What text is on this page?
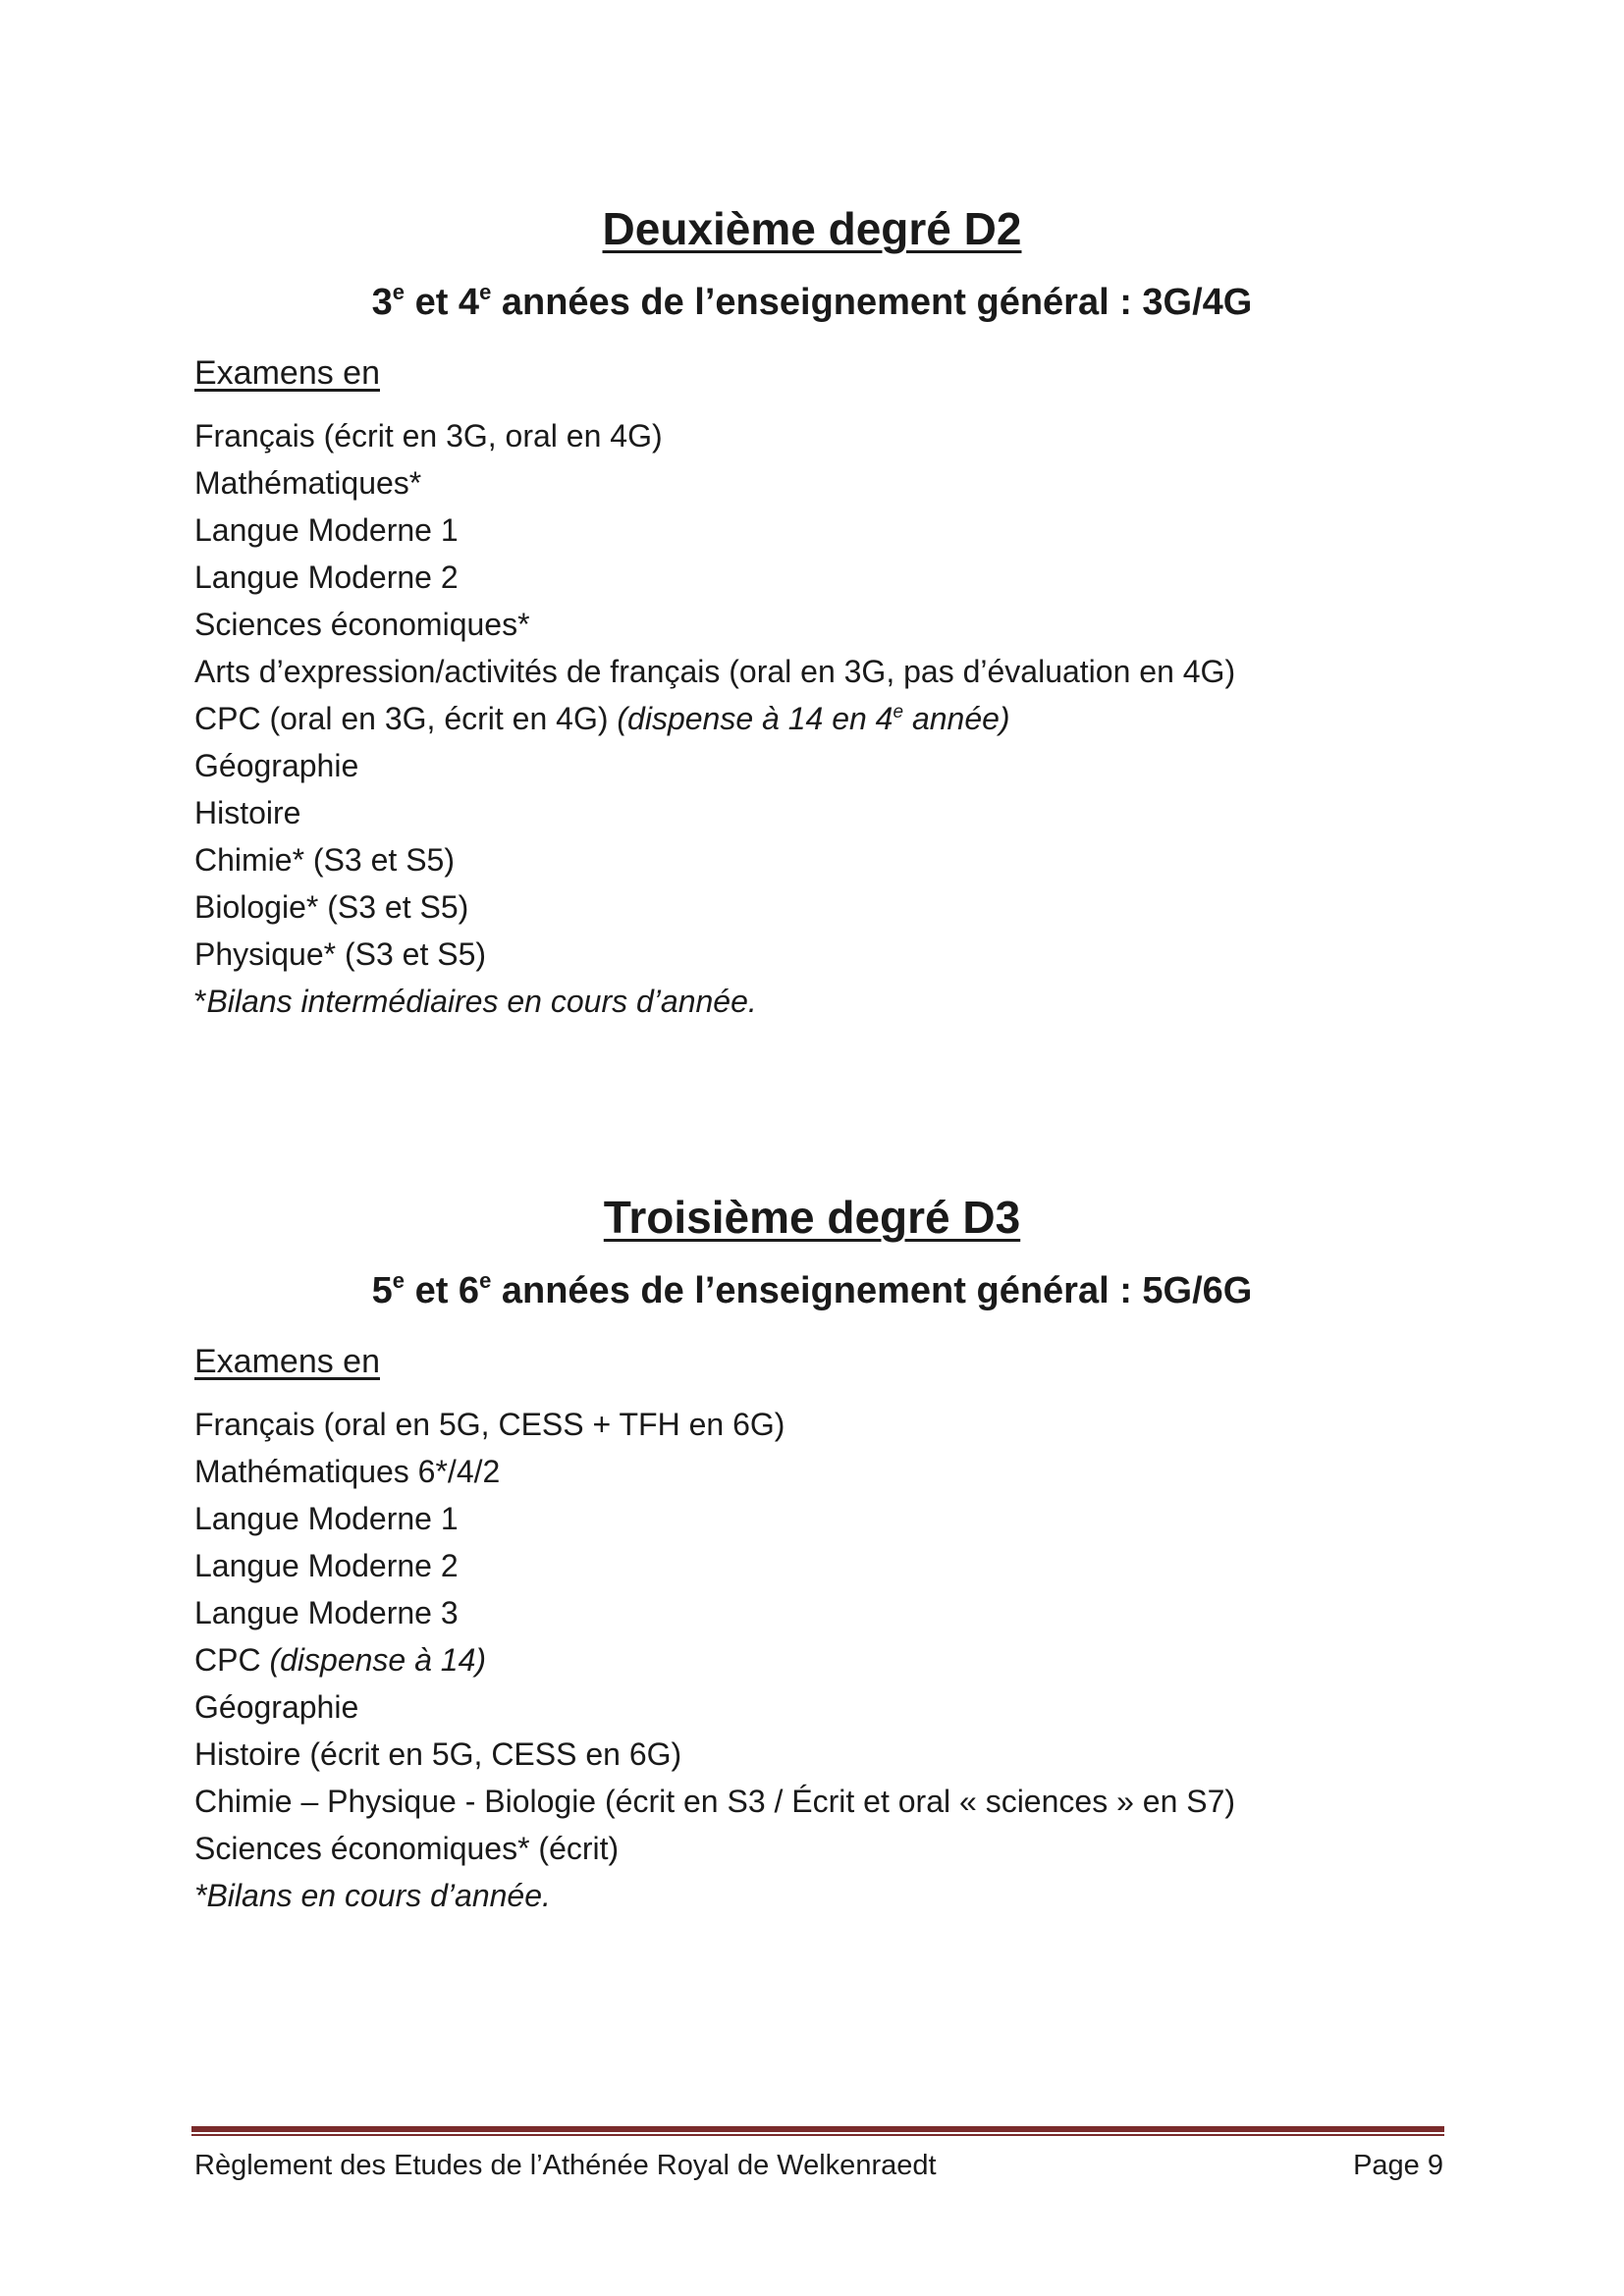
Deuxième degré D2
3e et 4e années de l’enseignement général : 3G/4G

Examens en

Français (écrit en 3G, oral en 4G)
Mathématiques*
Langue Moderne 1
Langue Moderne 2
Sciences économiques*
Arts d’expression/activités de français (oral en 3G, pas d’évaluation en 4G)
CPC (oral en 3G, écrit en 4G) (dispense à 14 en 4e année)
Géographie
Histoire
Chimie* (S3 et S5)
Biologie* (S3 et S5)
Physique* (S3 et S5)
*Bilans intermédiaires en cours d’année.
Troisième degré D3
5e et 6e années de l’enseignement général : 5G/6G

Examens en

Français (oral en 5G, CESS + TFH en 6G)
Mathématiques 6*/4/2
Langue Moderne 1
Langue Moderne 2
Langue Moderne 3
CPC (dispense à 14)
Géographie
Histoire (écrit en 5G, CESS en 6G)
Chimie – Physique - Biologie (écrit en S3 / Écrit et oral « sciences » en S7)
Sciences économiques* (écrit)
*Bilans en cours d’année.
Règlement des Etudes de l’Athénée Royal de Welkenraedt	Page 9
